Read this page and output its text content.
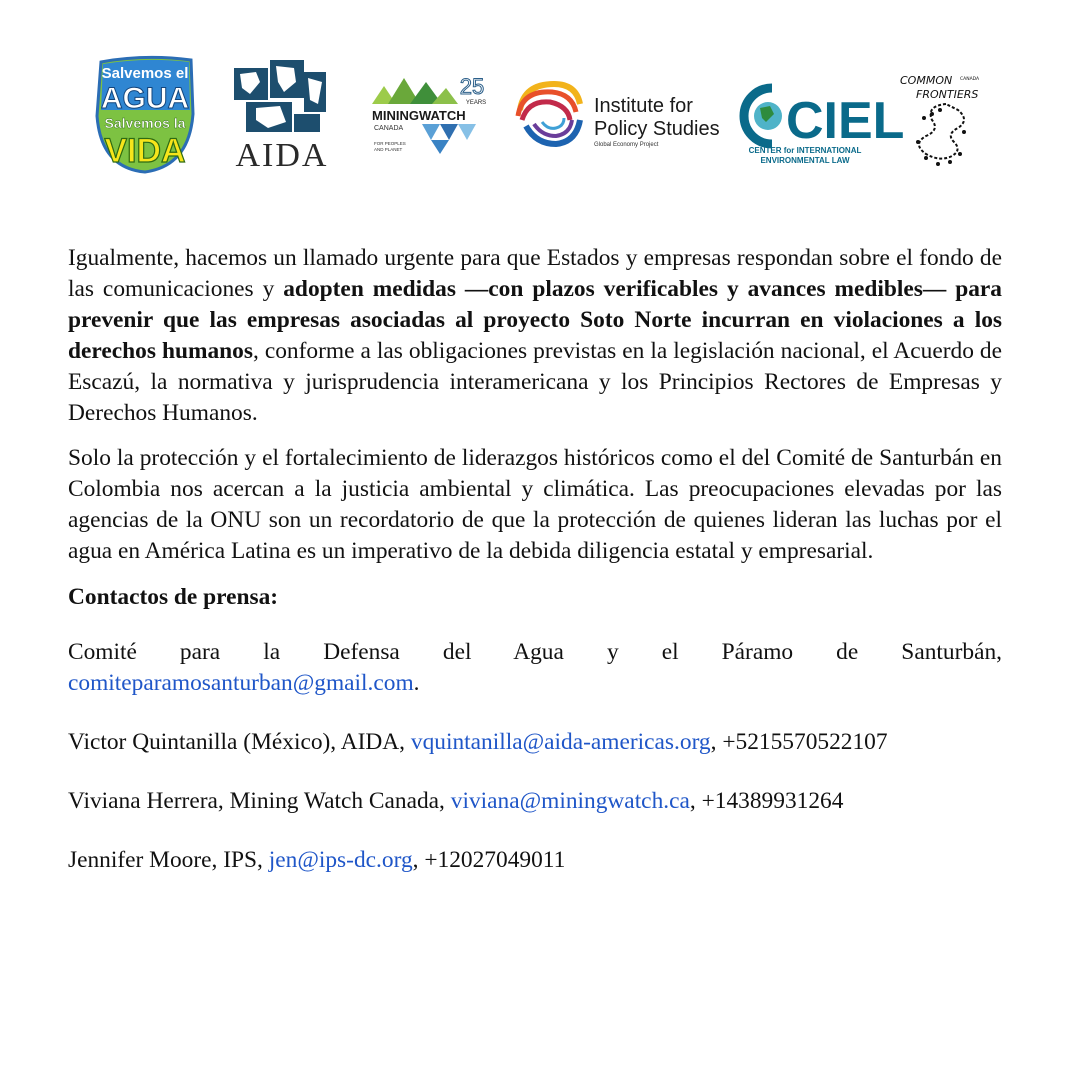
Salvemos el
AGUA
Salvemos la
VIDA AIDA
25
YEARS
MININGWATCH
CANADA
FOR PEOPLES
AND PLANET
Institute for
Policy Studies
Global Economy Project CIEL
CENTER for INTERNATIONAL
ENVIRONMENTAL LAW
COMMON CANADA
FRONTIERS

Igualmente, hacemos un llamado urgente para que Estados y empresas respondan sobre el fondo de las comunicaciones y adopten medidas —con plazos verificables y avances medibles— para prevenir que las empresas asociadas al proyecto Soto Norte incurran en violaciones a los derechos humanos, conforme a las obligaciones previstas en la legislación nacional, el Acuerdo de Escazú, la normativa y jurisprudencia interamericana y los Principios Rectores de Empresas y Derechos Humanos.

Solo la protección y el fortalecimiento de liderazgos históricos como el del Comité de Santurbán en Colombia nos acercan a la justicia ambiental y climática. Las preocupaciones elevadas por las agencias de la ONU son un recordatorio de que la protección de quienes lideran las luchas por el agua en América Latina es un imperativo de la debida diligencia estatal y empresarial.

Contactos de prensa:

Comité para la Defensa del Agua y el Páramo de Santurbán,
comiteparamosanturban@gmail.com.
Victor Quintanilla (México), AIDA, vquintanilla@aida-americas.org, +5215570522107
Viviana Herrera, Mining Watch Canada, viviana@miningwatch.ca, +14389931264
Jennifer Moore, IPS, jen@ips-dc.org, +12027049011
